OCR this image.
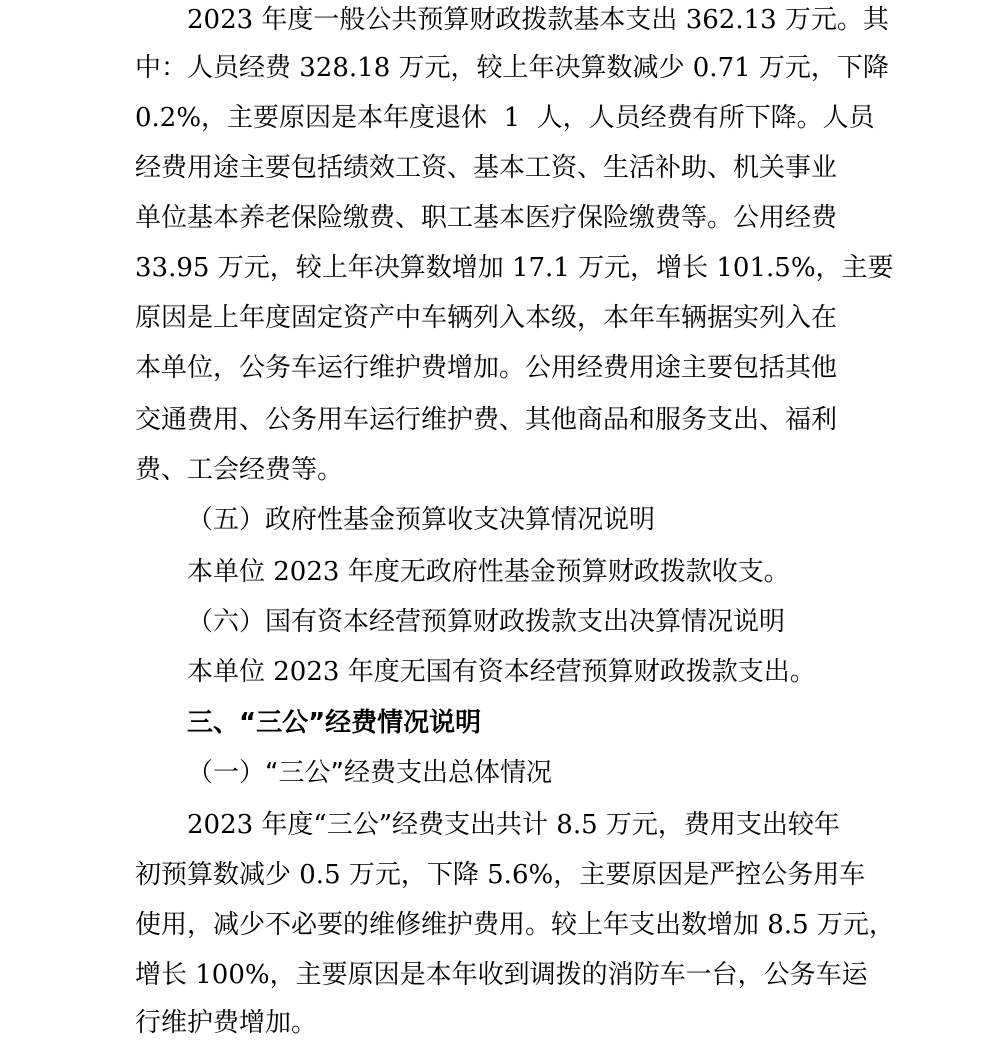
2023 年度一般公共预算财政拨款基本支出 362.13 万元。其
中：人员经费 328.18 万元，较上年决算数减少 0.71 万元，下降
0.2%，主要原因是本年度退休  1  人，人员经费有所下降。人员
经费用途主要包括绩效工资、基本工资、生活补助、机关事业
单位基本养老保险缴费、职工基本医疗保险缴费等。公用经费
33.95 万元，较上年决算数增加 17.1 万元，增长 101.5%，主要
原因是上年度固定资产中车辆列入本级，本年车辆据实列入在
本单位，公务车运行维护费增加。公用经费用途主要包括其他
交通费用、公务用车运行维护费、其他商品和服务支出、福利
费、工会经费等。
（五）政府性基金预算收支决算情况说明
本单位 2023 年度无政府性基金预算财政拨款收支。
（六）国有资本经营预算财政拨款支出决算情况说明
本单位 2023 年度无国有资本经营预算财政拨款支出。
三、“三公”经费情况说明
（一）“三公”经费支出总体情况
2023 年度“三公”经费支出共计 8.5 万元，费用支出较年
初预算数减少 0.5 万元，下降 5.6%，主要原因是严控公务用车
使用，减少不必要的维修维护费用。较上年支出数增加 8.5 万元，
增长 100%，主要原因是本年收到调拨的消防车一台，公务车运
行维护费增加。
